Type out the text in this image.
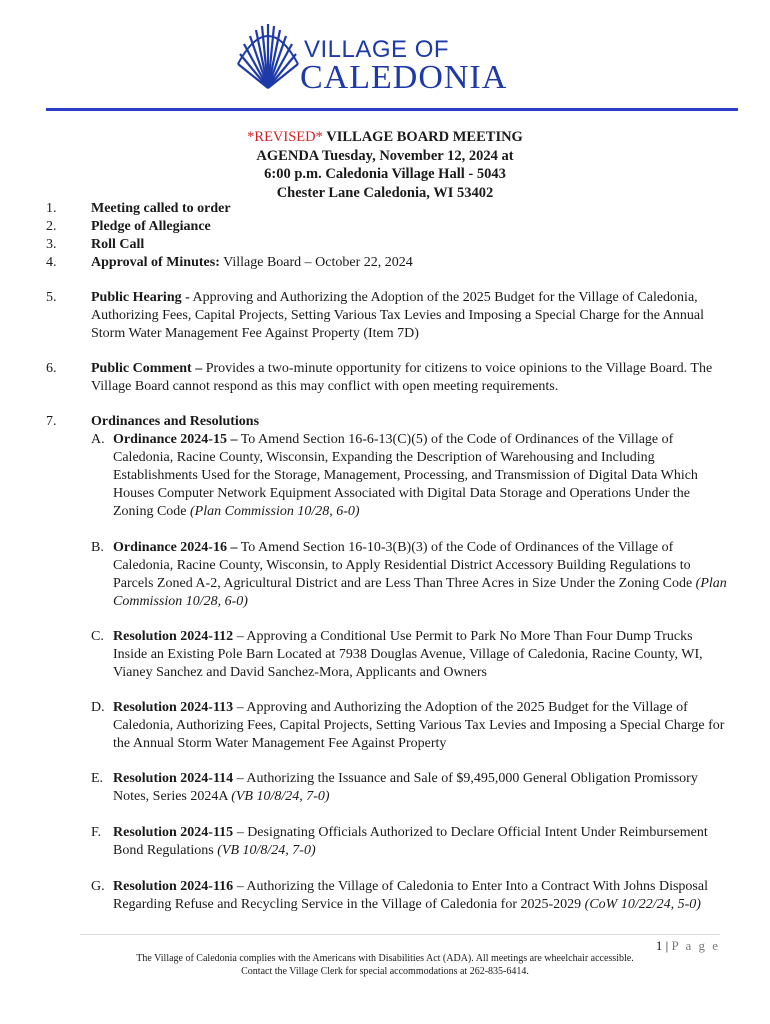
VILLAGE OF
CALEDONIA
*REVISED* VILLAGE BOARD MEETING
AGENDA Tuesday, November 12, 2024 at
6:00 p.m. Caledonia Village Hall - 5043
Chester Lane Caledonia, WI 53402
1.	Meeting called to order
2.	Pledge of Allegiance
3.	Roll Call
4.	Approval of Minutes: Village Board – October 22, 2024
5.	Public Hearing - Approving and Authorizing the Adoption of the 2025 Budget for the Village of Caledonia, Authorizing Fees, Capital Projects, Setting Various Tax Levies and Imposing a Special Charge for the Annual Storm Water Management Fee Against Property (Item 7D)
6.	Public Comment – Provides a two-minute opportunity for citizens to voice opinions to the Village Board. The Village Board cannot respond as this may conflict with open meeting requirements.
7.	Ordinances and Resolutions
A. Ordinance 2024-15 – To Amend Section 16-6-13(C)(5) of the Code of Ordinances of the Village of Caledonia, Racine County, Wisconsin, Expanding the Description of Warehousing and Including Establishments Used for the Storage, Management, Processing, and Transmission of Digital Data Which Houses Computer Network Equipment Associated with Digital Data Storage and Operations Under the Zoning Code (Plan Commission 10/28, 6-0)
B. Ordinance 2024-16 – To Amend Section 16-10-3(B)(3) of the Code of Ordinances of the Village of Caledonia, Racine County, Wisconsin, to Apply Residential District Accessory Building Regulations to Parcels Zoned A-2, Agricultural District and are Less Than Three Acres in Size Under the Zoning Code (Plan Commission 10/28, 6-0)
C. Resolution 2024-112 – Approving a Conditional Use Permit to Park No More Than Four Dump Trucks Inside an Existing Pole Barn Located at 7938 Douglas Avenue, Village of Caledonia, Racine County, WI, Vianey Sanchez and David Sanchez-Mora, Applicants and Owners
D. Resolution 2024-113 – Approving and Authorizing the Adoption of the 2025 Budget for the Village of Caledonia, Authorizing Fees, Capital Projects, Setting Various Tax Levies and Imposing a Special Charge for the Annual Storm Water Management Fee Against Property
E. Resolution 2024-114 – Authorizing the Issuance and Sale of $9,495,000 General Obligation Promissory Notes, Series 2024A (VB 10/8/24, 7-0)
F. Resolution 2024-115 – Designating Officials Authorized to Declare Official Intent Under Reimbursement Bond Regulations (VB 10/8/24, 7-0)
G. Resolution 2024-116 – Authorizing the Village of Caledonia to Enter Into a Contract With Johns Disposal Regarding Refuse and Recycling Service in the Village of Caledonia for 2025-2029 (CoW 10/22/24, 5-0)
1 | P a g e
The Village of Caledonia complies with the Americans with Disabilities Act (ADA). All meetings are wheelchair accessible.
Contact the Village Clerk for special accommodations at 262-835-6414.
